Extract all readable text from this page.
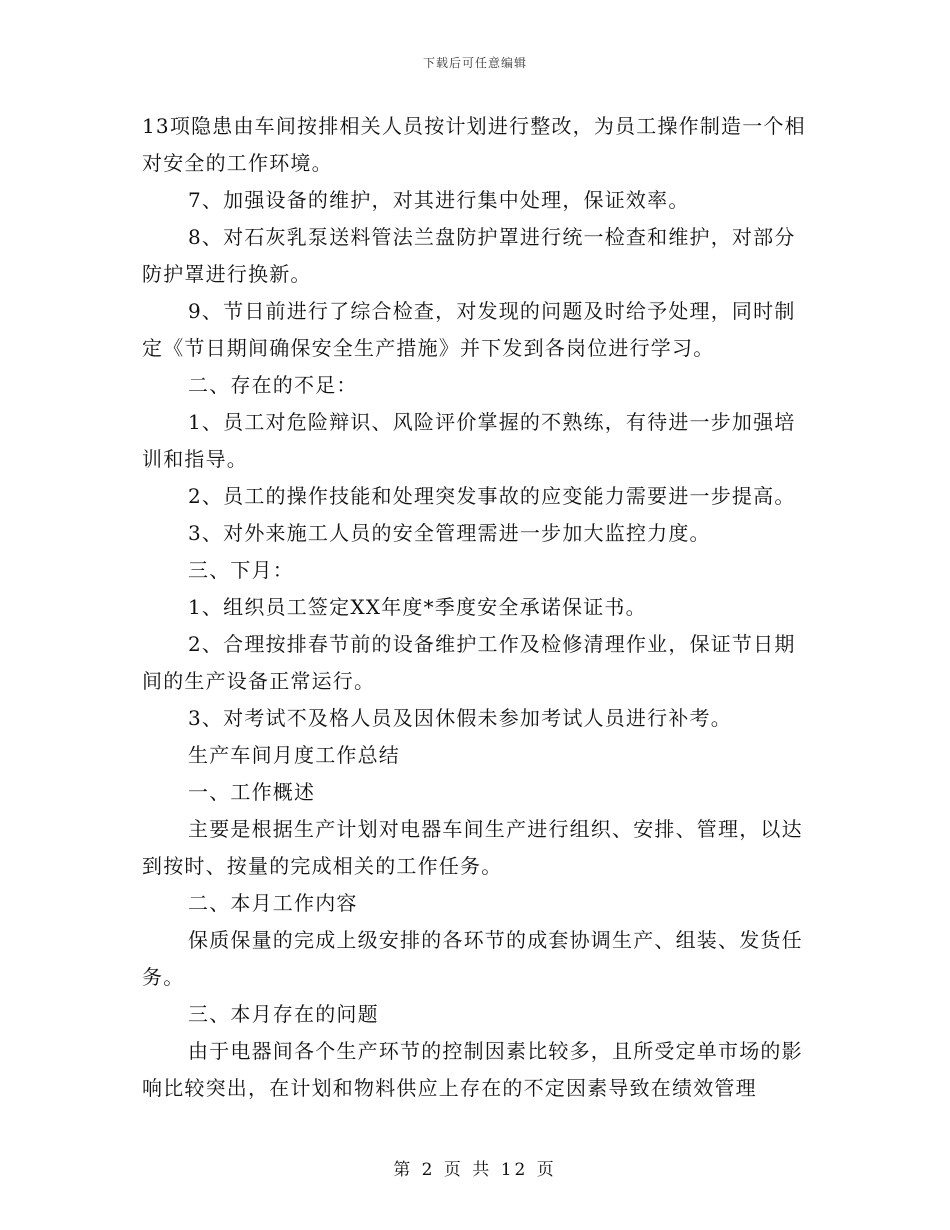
下载后可任意编辑

13项隐患由车间按排相关人员按计划进行整改，为员工操作制造一个相对安全的工作环境。

7、加强设备的维护，对其进行集中处理，保证效率。

8、对石灰乳泵送料管法兰盘防护罩进行统一检查和维护，对部分防护罩进行换新。

9、节日前进行了综合检查，对发现的问题及时给予处理，同时制定《节日期间确保安全生产措施》并下发到各岗位进行学习。

二、存在的不足：

1、员工对危险辩识、风险评价掌握的不熟练，有待进一步加强培训和指导。

2、员工的操作技能和处理突发事故的应变能力需要进一步提高。

3、对外来施工人员的安全管理需进一步加大监控力度。

三、下月：

1、组织员工签定XX年度*季度安全承诺保证书。

2、合理按排春节前的设备维护工作及检修清理作业，保证节日期间的生产设备正常运行。

3、对考试不及格人员及因休假未参加考试人员进行补考。

生产车间月度工作总结

一、工作概述

主要是根据生产计划对电器车间生产进行组织、安排、管理，以达到按时、按量的完成相关的工作任务。

二、本月工作内容

保质保量的完成上级安排的各环节的成套协调生产、组装、发货任务。

三、本月存在的问题

由于电器间各个生产环节的控制因素比较多，且所受定单市场的影响比较突出，在计划和物料供应上存在的不定因素导致在绩效管理

第 2 页 共 12 页
